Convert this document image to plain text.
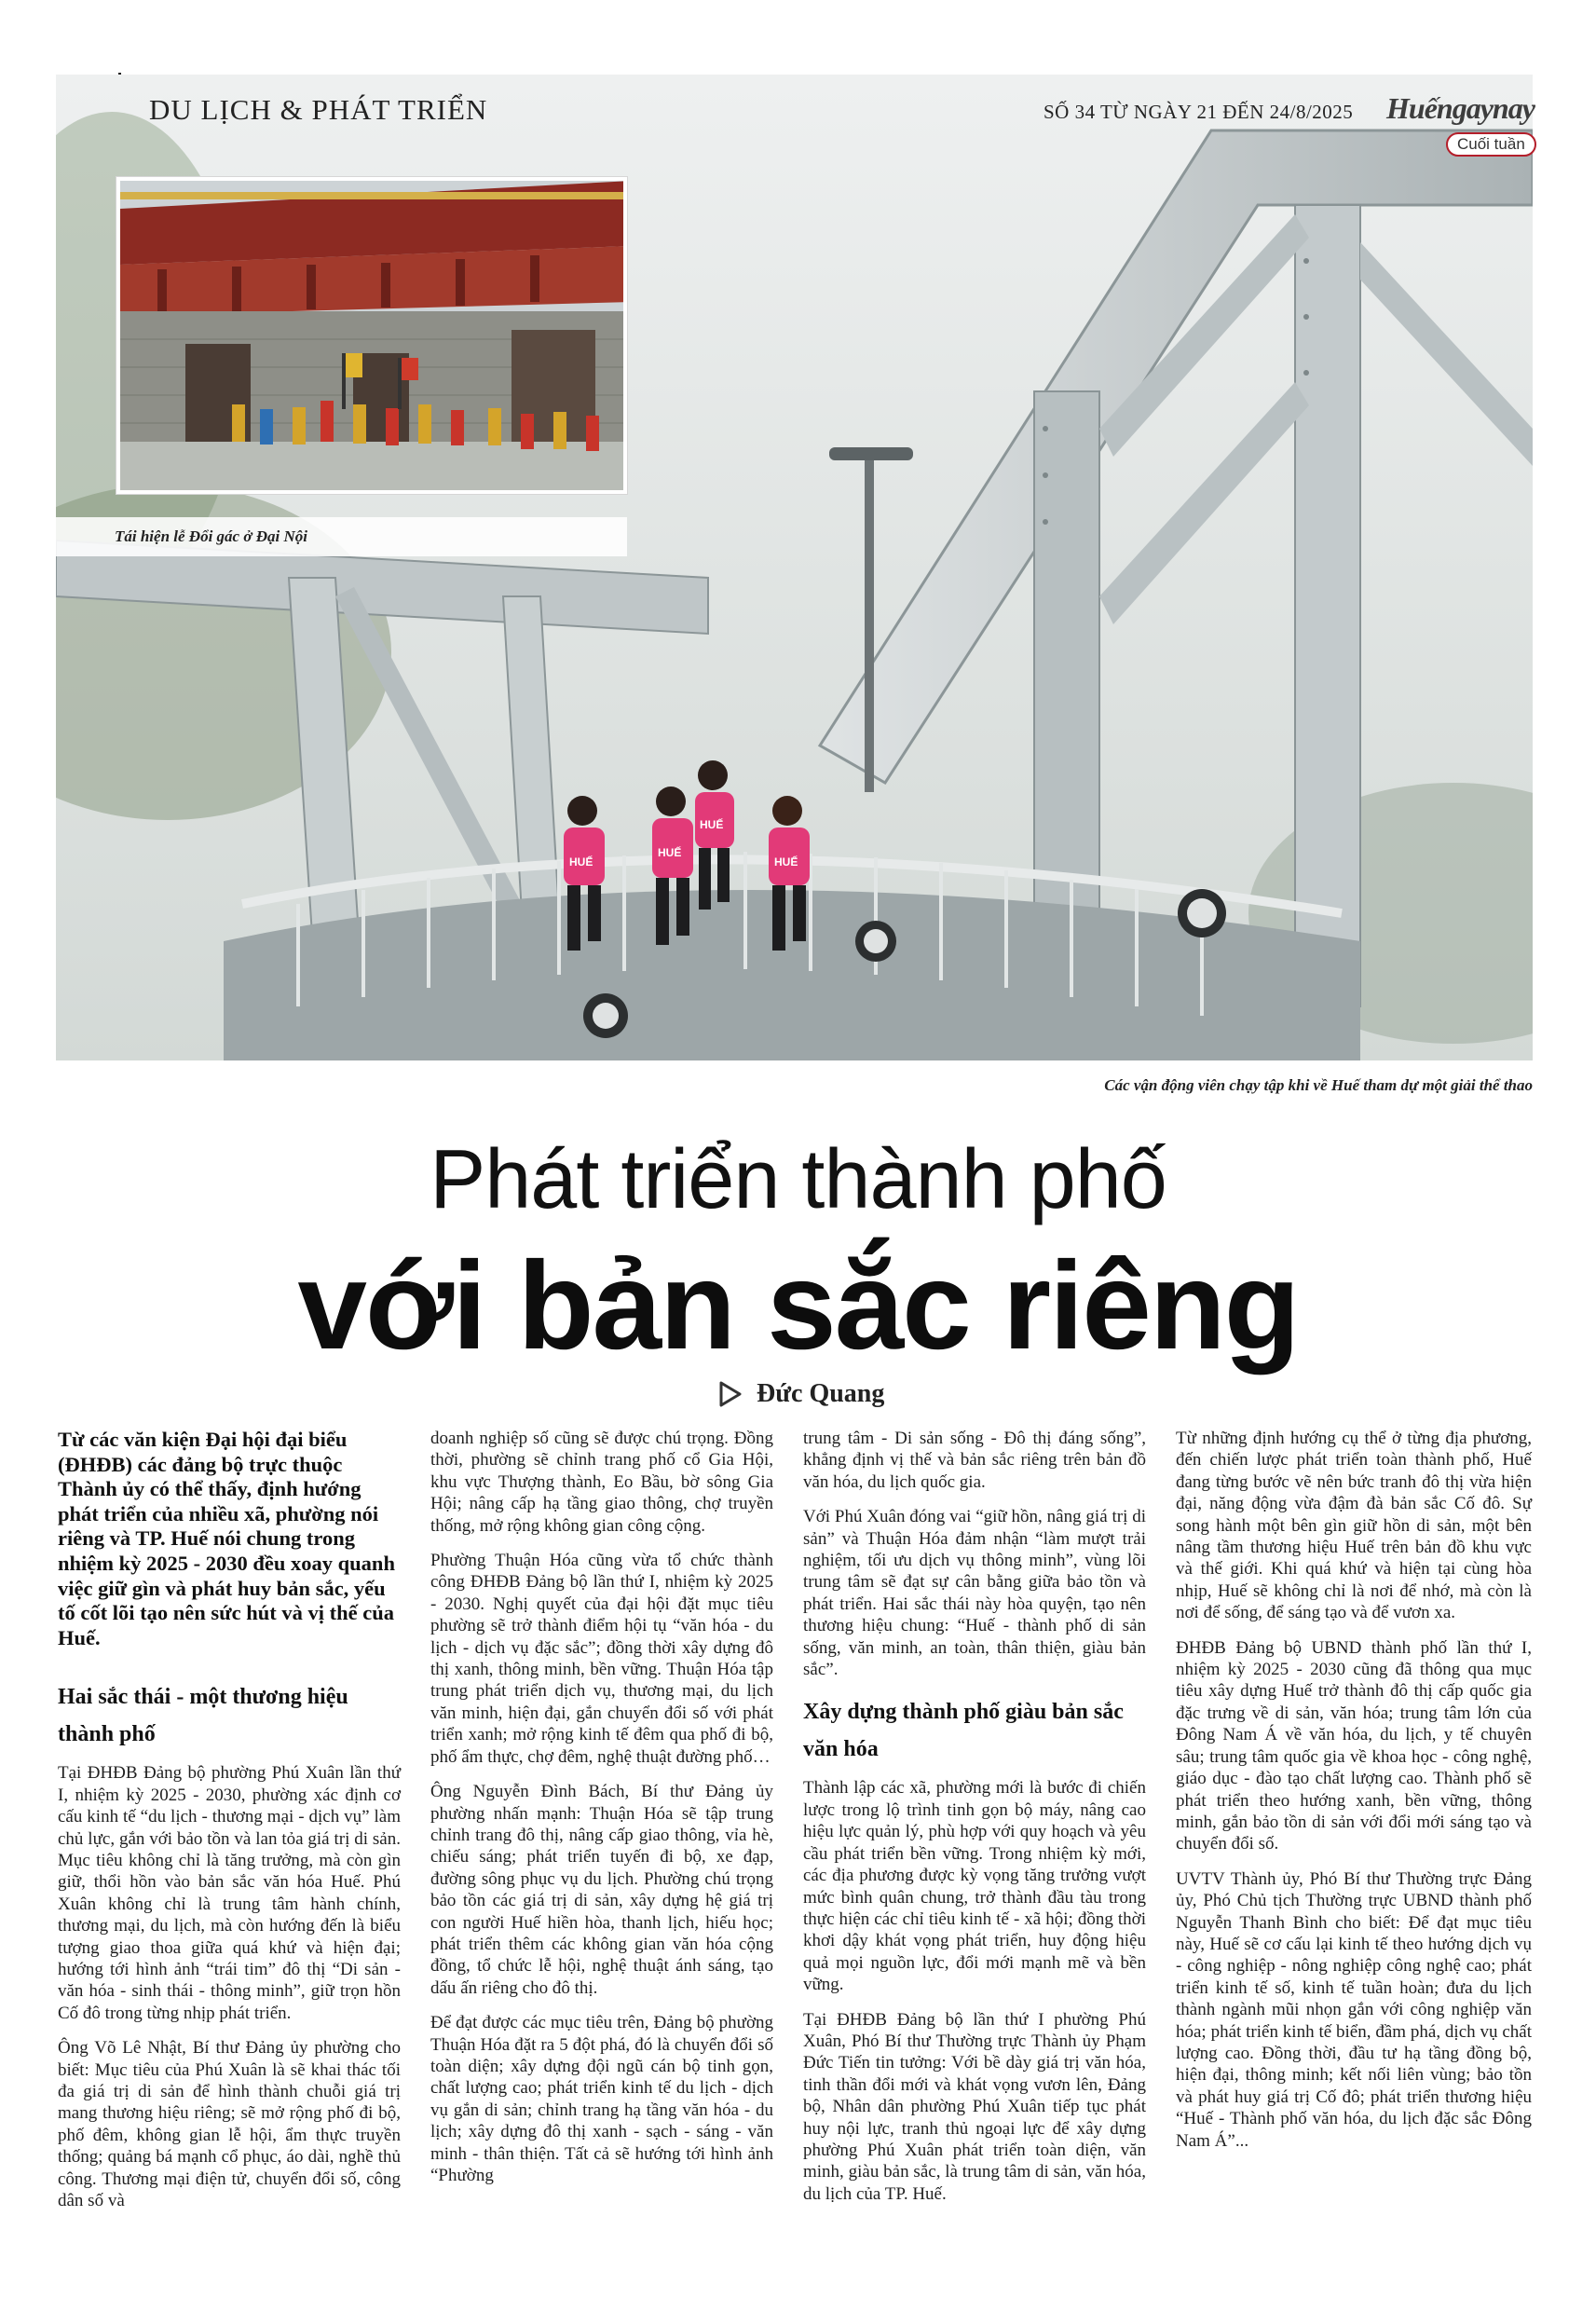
HUẾ
HUẾ
HUẾ
HUẾ
DU LỊCH & PHÁT TRIỂN	SỐ 34 TỪ NGÀY 21 ĐẾN 24/8/2025 Huếngaynay
Cuối tuần
Tái hiện lễ Đổi gác ở Đại Nội
Các vận động viên chạy tập khi về Huế tham dự một giải thể thao
Phát triển thành phố
với bản sắc riêng
Đức Quang

Từ các văn kiện Đại hội đại biểu (ĐHĐB) các đảng bộ trực thuộc Thành ủy có thể thấy, định hướng phát triển của nhiều xã, phường nói riêng và TP. Huế nói chung trong nhiệm kỳ 2025 - 2030 đều xoay quanh việc giữ gìn và phát huy bản sắc, yếu tố cốt lõi tạo nên sức hút và vị thế của Huế.

Hai sắc thái - một thương hiệu thành phố

Tại ĐHĐB Đảng bộ phường Phú Xuân lần thứ I, nhiệm kỳ 2025 - 2030, phường xác định cơ cấu kinh tế “du lịch - thương mại - dịch vụ” làm chủ lực, gắn với bảo tồn và lan tỏa giá trị di sản. Mục tiêu không chỉ là tăng trưởng, mà còn gìn giữ, thổi hồn vào bản sắc văn hóa Huế. Phú Xuân không chỉ là trung tâm hành chính, thương mại, du lịch, mà còn hướng đến là biểu tượng giao thoa giữa quá khứ và hiện đại; hướng tới hình ảnh “trái tim” đô thị “Di sản - văn hóa - sinh thái - thông minh”, giữ trọn hồn Cố đô trong từng nhịp phát triển.

Ông Võ Lê Nhật, Bí thư Đảng ủy phường cho biết: Mục tiêu của Phú Xuân là sẽ khai thác tối đa giá trị di sản để hình thành chuỗi giá trị mang thương hiệu riêng; sẽ mở rộng phố đi bộ, phố đêm, không gian lễ hội, ẩm thực truyền thống; quảng bá mạnh cổ phục, áo dài, nghề thủ công. Thương mại điện tử, chuyển đổi số, công dân số và

doanh nghiệp số cũng sẽ được chú trọng. Đồng thời, phường sẽ chỉnh trang phố cổ Gia Hội, khu vực Thượng thành, Eo Bầu, bờ sông Gia Hội; nâng cấp hạ tầng giao thông, chợ truyền thống, mở rộng không gian công cộng.

Phường Thuận Hóa cũng vừa tổ chức thành công ĐHĐB Đảng bộ lần thứ I, nhiệm kỳ 2025 - 2030. Nghị quyết của đại hội đặt mục tiêu phường sẽ trở thành điểm hội tụ “văn hóa - du lịch - dịch vụ đặc sắc”; đồng thời xây dựng đô thị xanh, thông minh, bền vững. Thuận Hóa tập trung phát triển dịch vụ, thương mại, du lịch văn minh, hiện đại, gắn chuyển đổi số với phát triển xanh; mở rộng kinh tế đêm qua phố đi bộ, phố ẩm thực, chợ đêm, nghệ thuật đường phố…

Ông Nguyễn Đình Bách, Bí thư Đảng ủy phường nhấn mạnh: Thuận Hóa sẽ tập trung chỉnh trang đô thị, nâng cấp giao thông, vỉa hè, chiếu sáng; phát triển tuyến đi bộ, xe đạp, đường sông phục vụ du lịch. Phường chú trọng bảo tồn các giá trị di sản, xây dựng hệ giá trị con người Huế hiền hòa, thanh lịch, hiếu học; phát triển thêm các không gian văn hóa cộng đồng, tổ chức lễ hội, nghệ thuật ánh sáng, tạo dấu ấn riêng cho đô thị.

Để đạt được các mục tiêu trên, Đảng bộ phường Thuận Hóa đặt ra 5 đột phá, đó là chuyển đổi số toàn diện; xây dựng đội ngũ cán bộ tinh gọn, chất lượng cao; phát triển kinh tế du lịch - dịch vụ gắn di sản; chỉnh trang hạ tầng văn hóa - du lịch; xây dựng đô thị xanh - sạch - sáng - văn minh - thân thiện. Tất cả sẽ hướng tới hình ảnh “Phường

trung tâm - Di sản sống - Đô thị đáng sống”, khẳng định vị thế và bản sắc riêng trên bản đồ văn hóa, du lịch quốc gia.

Với Phú Xuân đóng vai “giữ hồn, nâng giá trị di sản” và Thuận Hóa đảm nhận “làm mượt trải nghiệm, tối ưu dịch vụ thông minh”, vùng lõi trung tâm sẽ đạt sự cân bằng giữa bảo tồn và phát triển. Hai sắc thái này hòa quyện, tạo nên thương hiệu chung: “Huế - thành phố di sản sống, văn minh, an toàn, thân thiện, giàu bản sắc”.

Xây dựng thành phố giàu bản sắc văn hóa

Thành lập các xã, phường mới là bước đi chiến lược trong lộ trình tinh gọn bộ máy, nâng cao hiệu lực quản lý, phù hợp với quy hoạch và yêu cầu phát triển bền vững. Trong nhiệm kỳ mới, các địa phương được kỳ vọng tăng trưởng vượt mức bình quân chung, trở thành đầu tàu trong thực hiện các chỉ tiêu kinh tế - xã hội; đồng thời khơi dậy khát vọng phát triển, huy động hiệu quả mọi nguồn lực, đổi mới mạnh mẽ và bền vững.

Tại ĐHĐB Đảng bộ lần thứ I phường Phú Xuân, Phó Bí thư Thường trực Thành ủy Phạm Đức Tiến tin tưởng: Với bề dày giá trị văn hóa, tinh thần đổi mới và khát vọng vươn lên, Đảng bộ, Nhân dân phường Phú Xuân tiếp tục phát huy nội lực, tranh thủ ngoại lực để xây dựng phường Phú Xuân phát triển toàn diện, văn minh, giàu bản sắc, là trung tâm di sản, văn hóa, du lịch của TP. Huế.

Từ những định hướng cụ thể ở từng địa phương, đến chiến lược phát triển toàn thành phố, Huế đang từng bước vẽ nên bức tranh đô thị vừa hiện đại, năng động vừa đậm đà bản sắc Cố đô. Sự song hành một bên gìn giữ hồn di sản, một bên nâng tầm thương hiệu Huế trên bản đồ khu vực và thế giới. Khi quá khứ và hiện tại cùng hòa nhịp, Huế sẽ không chỉ là nơi để nhớ, mà còn là nơi để sống, để sáng tạo và để vươn xa.

ĐHĐB Đảng bộ UBND thành phố lần thứ I, nhiệm kỳ 2025 - 2030 cũng đã thông qua mục tiêu xây dựng Huế trở thành đô thị cấp quốc gia đặc trưng về di sản, văn hóa; trung tâm lớn của Đông Nam Á về văn hóa, du lịch, y tế chuyên sâu; trung tâm quốc gia về khoa học - công nghệ, giáo dục - đào tạo chất lượng cao. Thành phố sẽ phát triển theo hướng xanh, bền vững, thông minh, gắn bảo tồn di sản với đổi mới sáng tạo và chuyển đổi số.

UVTV Thành ủy, Phó Bí thư Thường trực Đảng ủy, Phó Chủ tịch Thường trực UBND thành phố Nguyễn Thanh Bình cho biết: Để đạt mục tiêu này, Huế sẽ cơ cấu lại kinh tế theo hướng dịch vụ - công nghiệp - nông nghiệp công nghệ cao; phát triển kinh tế số, kinh tế tuần hoàn; đưa du lịch thành ngành mũi nhọn gắn với công nghiệp văn hóa; phát triển kinh tế biển, đầm phá, dịch vụ chất lượng cao. Đồng thời, đầu tư hạ tầng đồng bộ, hiện đại, thông minh; kết nối liên vùng; bảo tồn và phát huy giá trị Cố đô; phát triển thương hiệu “Huế - Thành phố văn hóa, du lịch đặc sắc Đông Nam Á”...
